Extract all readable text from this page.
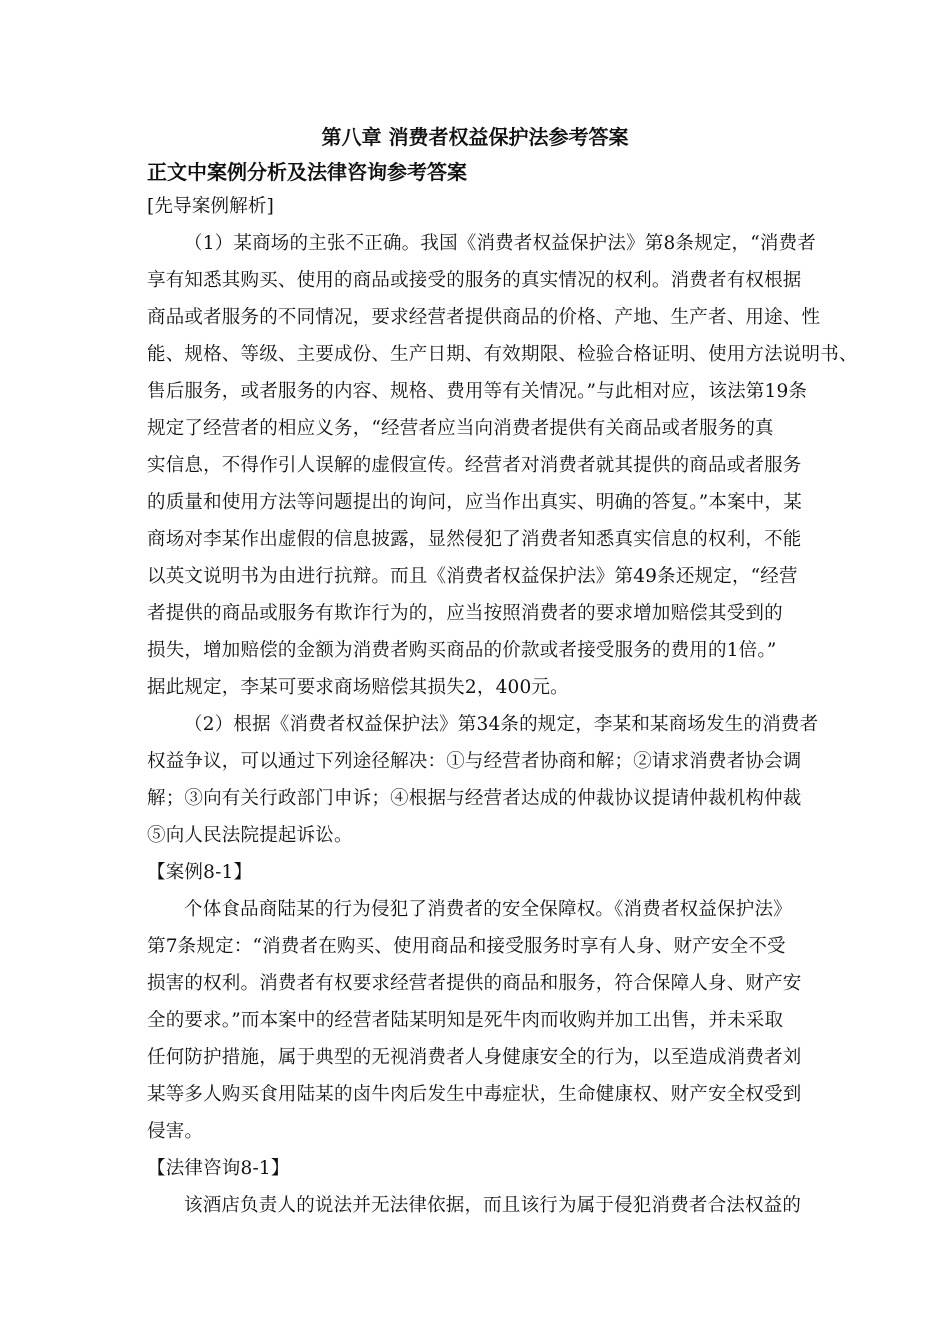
第八章 消费者权益保护法参考答案
正文中案例分析及法律咨询参考答案
[先导案例解析]
（1）某商场的主张不正确。我国《消费者权益保护法》第8条规定，“消费者
享有知悉其购买、使用的商品或接受的服务的真实情况的权利。消费者有权根据
商品或者服务的不同情况，要求经营者提供商品的价格、产地、生产者、用途、性
能、规格、等级、主要成份、生产日期、有效期限、检验合格证明、使用方法说明书、
售后服务，或者服务的内容、规格、费用等有关情况。”与此相对应，该法第19条
规定了经营者的相应义务，“经营者应当向消费者提供有关商品或者服务的真
实信息，不得作引人误解的虚假宣传。经营者对消费者就其提供的商品或者服务
的质量和使用方法等问题提出的询问，应当作出真实、明确的答复。”本案中，某
商场对李某作出虚假的信息披露，显然侵犯了消费者知悉真实信息的权利，不能
以英文说明书为由进行抗辩。而且《消费者权益保护法》第49条还规定，“经营
者提供的商品或服务有欺诈行为的，应当按照消费者的要求增加赔偿其受到的
损失，增加赔偿的金额为消费者购买商品的价款或者接受服务的费用的1倍。”
据此规定，李某可要求商场赔偿其损失2，400元。
（2）根据《消费者权益保护法》第34条的规定，李某和某商场发生的消费者
权益争议，可以通过下列途径解决：①与经营者协商和解；②请求消费者协会调
解；③向有关行政部门申诉；④根据与经营者达成的仲裁协议提请仲裁机构仲裁
⑤向人民法院提起诉讼。
【案例8-1】
个体食品商陆某的行为侵犯了消费者的安全保障权。《消费者权益保护法》
第7条规定：“消费者在购买、使用商品和接受服务时享有人身、财产安全不受
损害的权利。消费者有权要求经营者提供的商品和服务，符合保障人身、财产安
全的要求。”而本案中的经营者陆某明知是死牛肉而收购并加工出售，并未采取
任何防护措施，属于典型的无视消费者人身健康安全的行为，以至造成消费者刘
某等多人购买食用陆某的卤牛肉后发生中毒症状，生命健康权、财产安全权受到
侵害。
【法律咨询8-1】
该酒店负责人的说法并无法律依据，而且该行为属于侵犯消费者合法权益的
